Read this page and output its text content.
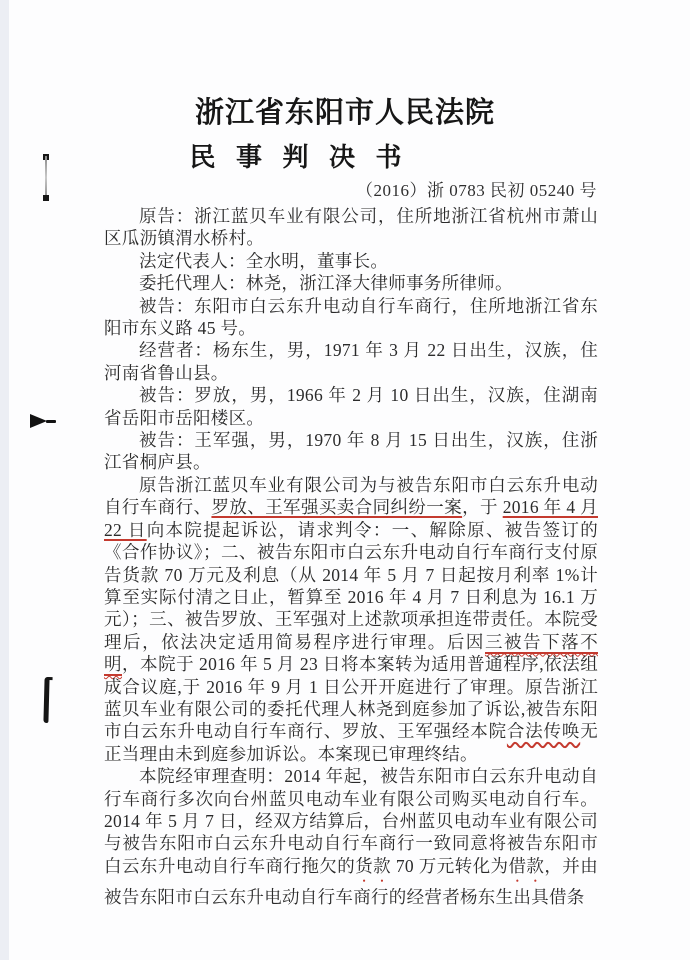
浙江省东阳市人民法院
民 事 判 决 书
（2016）浙 0783 民初 05240 号

原告：浙江蓝贝车业有限公司，住所地浙江省杭州市萧山区瓜沥镇渭水桥村。

法定代表人：全水明，董事长。

委托代理人：林尧，浙江泽大律师事务所律师。

被告：东阳市白云东升电动自行车商行，住所地浙江省东阳市东义路 45 号。

经营者：杨东生，男，1971 年 3 月 22 日出生，汉族，住河南省鲁山县。

被告：罗放，男，1966 年 2 月 10 日出生，汉族，住湖南省岳阳市岳阳楼区。

被告：王军强，男，1970 年 8 月 15 日出生，汉族，住浙江省桐庐县。

原告浙江蓝贝车业有限公司为与被告东阳市白云东升电动自行车商行、罗放、王军强买卖合同纠纷一案，于 2016 年 4 月 22 日向本院提起诉讼，请求判令：一、解除原、被告签订的《合作协议》；二、被告东阳市白云东升电动自行车商行支付原告货款 70 万元及利息（从 2014 年 5 月 7 日起按月利率 1%计算至实际付清之日止，暂算至 2016 年 4 月 7 日利息为 16.1 万元）；三、被告罗放、王军强对上述款项承担连带责任。本院受理后，依法决定适用简易程序进行审理。后因三被告下落不明，本院于 2016 年 5 月 23 日将本案转为适用普通程序,依法组成合议庭,于 2016 年 9 月 1 日公开开庭进行了审理。原告浙江蓝贝车业有限公司的委托代理人林尧到庭参加了诉讼,被告东阳市白云东升电动自行车商行、罗放、王军强经本院合法传唤无正当理由未到庭参加诉讼。本案现已审理终结。

本院经审理查明：2014 年起，被告东阳市白云东升电动自行车商行多次向台州蓝贝电动车业有限公司购买电动自行车。2014 年 5 月 7 日，经双方结算后，台州蓝贝电动车业有限公司与被告东阳市白云东升电动自行车商行一致同意将被告东阳市白云东升电动自行车商行拖欠的货款 70 万元转化为借款，并由被告东阳市白云东升电动自行车商行的经营者杨东生出具借条
